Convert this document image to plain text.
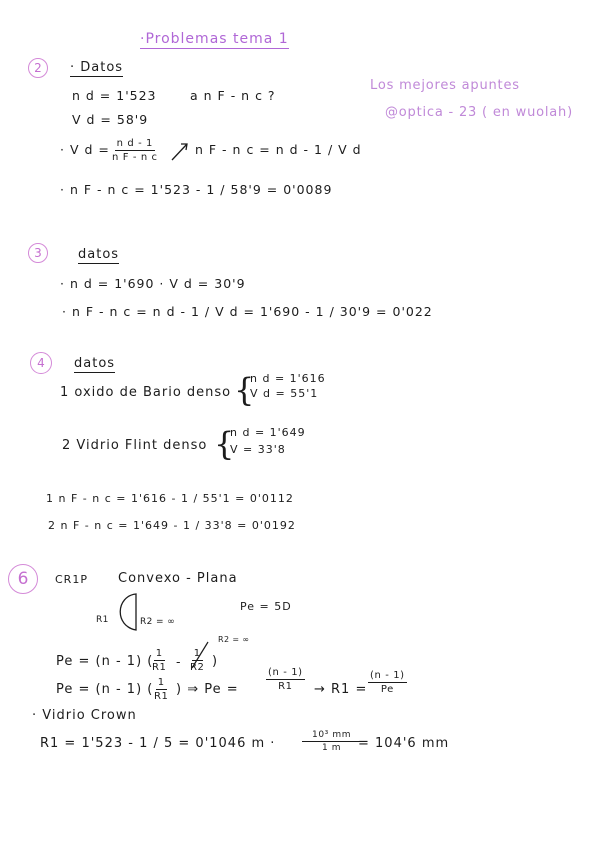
·Problemas tema 1
Los mejores apuntes
@optica - 23 ( en wuolah)
2	· Datos
n d = 1'523	a n F - n c ?
V d = 58'9
· V $d = \frac{\text{n d - 1}}{\text{n F - n c}}$	n F - n c = n d - 1 / V d
· n F - n c = 1'523 - 1 / 58'9 = 0'0089
3	datos
· n d = 1'690 · V d = 30'9
· n F - n c = n d - 1 / V d = 1'690 - 1 / 30'9 = 0'022
4	datos
1 oxido de Bario denso {
n d = 1'616
V d = 55'1
2 Vidrio Flint denso {
n d = 1'649
V = 33'8
1 n F - n c = 1'616 - 1 / 55'1 = 0'0112
2 n F - n c = 1'649 - 1 / 33'8 = 0'0192
6	CR1P Convexo - Plana
R1	R2 = ∞
Pe = 5D
Pe = (n - 1) (
$\frac{1}{R1} - \frac{1}{R2}$ )
R2 = ∞
Pe = (n - 1) ( $\frac{1}{R1}$ ) ⇒ Pe =	$\frac{(n - 1)}{R1} \to R1 = \frac{(n - 1)}{Pe}$
· Vidrio Crown
R1 = 1'523 - 1 / 5 = 0'1046 m ·	$\frac{\text{10³ mm}}{1 m}$
= 104'6 mm
